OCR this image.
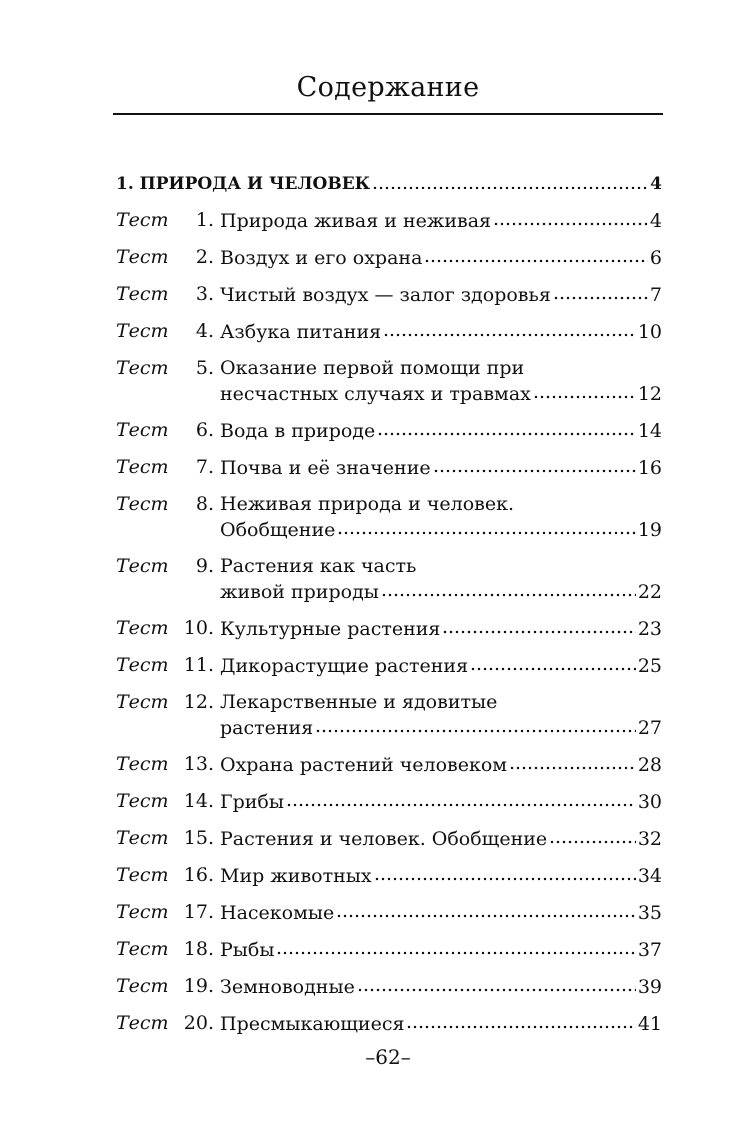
Содержание
1. ПРИРОДА И ЧЕЛОВЕК	4
Тест	1. Природа живая и неживая	4
Тест	2. Воздух и его охрана	6
Тест	3. Чистый воздух — залог здоровья	7
Тест	4. Азбука питания	10
Тест	5. Оказание первой помощи при
несчастных случаях и травмах	12
Тест	6. Вода в природе	14
Тест	7. Почва и её значение	16
Тест	8. Неживая природа и человек.
Обобщение	19
Тест	9. Растения как часть
живой природы	22
Тест 10. Культурные растения	23
Тест 11. Дикорастущие растения	25
Тест 12. Лекарственные и ядовитые
растения	27
Тест 13. Охрана растений человеком	28
Тест 14. Грибы	30
Тест 15. Растения и человек. Обобщение	32
Тест 16. Мир животных	34
Тест 17. Насекомые	35
Тест 18. Рыбы	37
Тест 19. Земноводные	39
Тест 20. Пресмыкающиеся	41
–62–
